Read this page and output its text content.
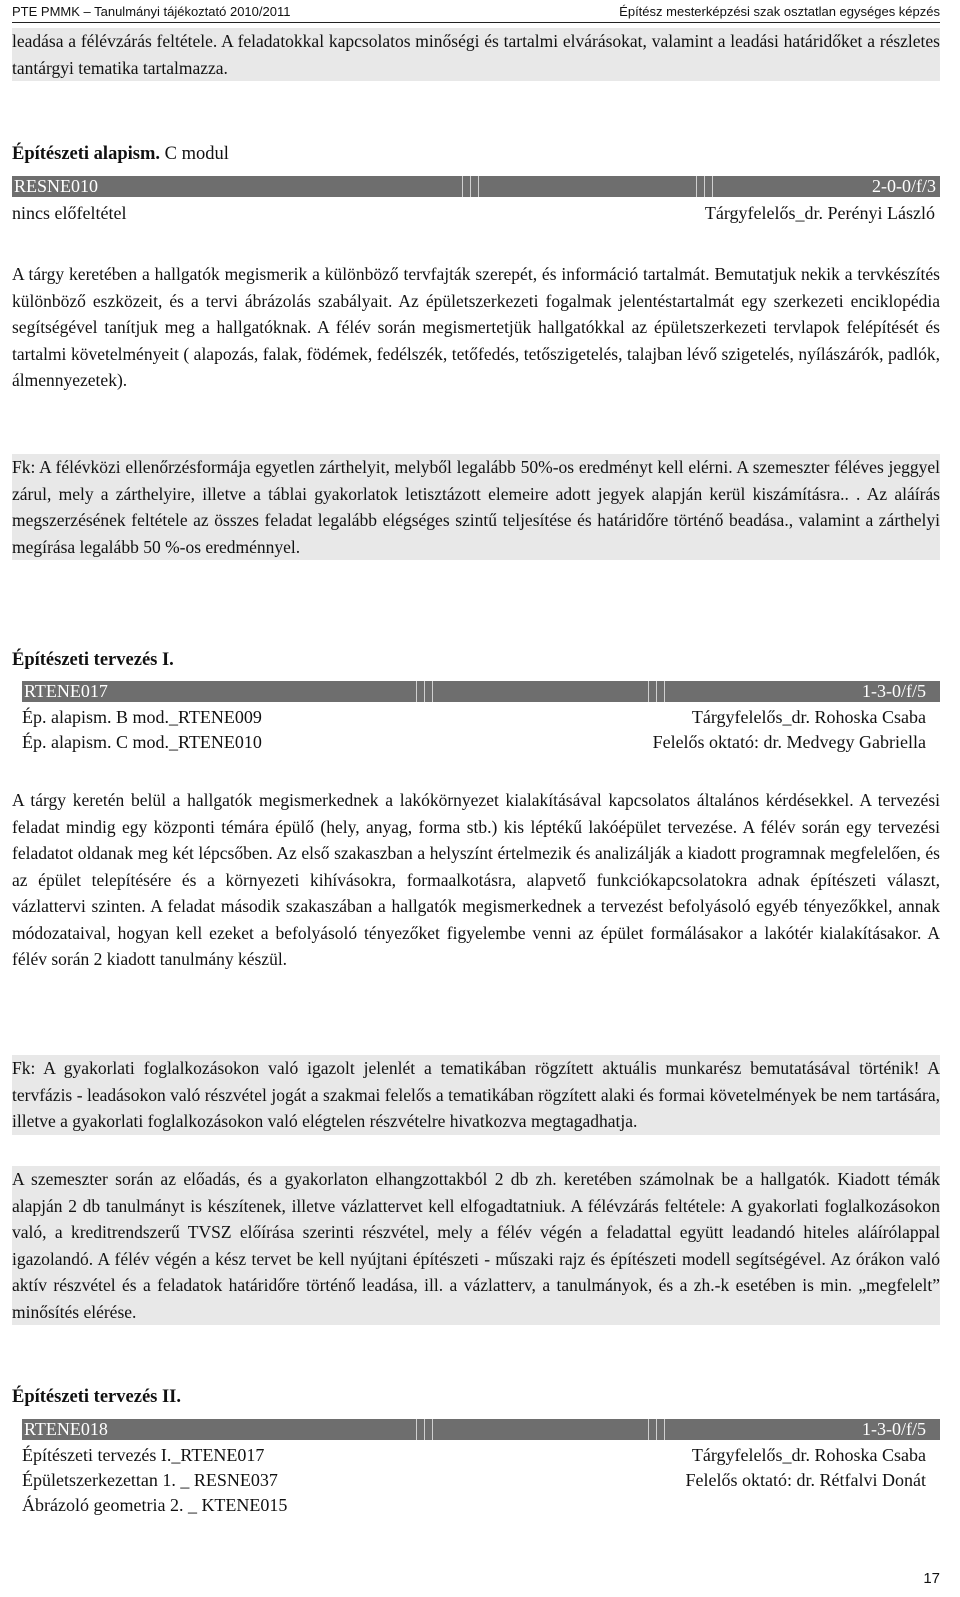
PTE PMMK – Tanulmányi tájékoztató 2010/2011	Építész mesterképzési szak osztatlan egységes képzés

leadása a félévzárás feltétele. A feladatokkal kapcsolatos minőségi és tartalmi elvárásokat, valamint a leadási határidőket a részletes tantárgyi tematika tartalmazza.

Építészeti alapism. C modul

RESNE010	2-0-0/f/3
nincs előfeltétel	Tárgyfelelős_dr. Perényi László

A tárgy keretében a hallgatók megismerik a különböző tervfajták szerepét, és információ tartalmát. Bemutatjuk nekik a tervkészítés különböző eszközeit, és a tervi ábrázolás szabályait. Az épületszerkezeti fogalmak jelentéstartalmát egy szerkezeti enciklopédia segítségével tanítjuk meg a hallgatóknak. A félév során megismertetjük hallgatókkal az épületszerkezeti tervlapok felépítését és tartalmi követelményeit ( alapozás, falak, födémek, fedélszék, tetőfedés, tetőszigetelés, talajban lévő szigetelés, nyílászárók, padlók, álmennyezetek).

Fk: A félévközi ellenőrzésformája egyetlen zárthelyit, melyből legalább 50%-os eredményt kell elérni. A szemeszter féléves jeggyel zárul, mely a zárthelyire, illetve a táblai gyakorlatok letisztázott elemeire adott jegyek alapján kerül kiszámításra.. . Az aláírás megszerzésének feltétele az összes feladat legalább elégséges szintű teljesítése és határidőre történő beadása., valamint a zárthelyi megírása legalább 50 %-os eredménnyel.

Építészeti tervezés I.

RTENE017	1-3-0/f/5
Ép. alapism. B mod._RTENE009	Tárgyfelelős_dr. Rohoska Csaba
Ép. alapism. C mod._RTENE010	Felelős oktató: dr. Medvegy Gabriella

A tárgy keretén belül a hallgatók megismerkednek a lakókörnyezet kialakításával kapcsolatos általános kérdésekkel. A tervezési feladat mindig egy központi témára épülő (hely, anyag, forma stb.) kis léptékű lakóépület tervezése. A félév során egy tervezési feladatot oldanak meg két lépcsőben. Az első szakaszban a helyszínt értelmezik és analizálják a kiadott programnak megfelelően, és az épület telepítésére és a környezeti kihívásokra, formaalkotásra, alapvető funkciókapcsolatokra adnak építészeti választ, vázlattervi szinten. A feladat második szakaszában a hallgatók megismerkednek a tervezést befolyásoló egyéb tényezőkkel, annak módozataival, hogyan kell ezeket a befolyásoló tényezőket figyelembe venni az épület formálásakor a lakótér kialakításakor. A félév során 2 kiadott tanulmány készül.

Fk: A gyakorlati foglalkozásokon való igazolt jelenlét a tematikában rögzített aktuális munkarész bemutatásával történik! A tervfázis - leadásokon való részvétel jogát a szakmai felelős a tematikában rögzített alaki és formai követelmények be nem tartására, illetve a gyakorlati foglalkozásokon való elégtelen részvételre hivatkozva megtagadhatja.

A szemeszter során az előadás, és a gyakorlaton elhangzottakból 2 db zh. keretében számolnak be a hallgatók. Kiadott témák alapján 2 db tanulmányt is készítenek, illetve vázlattervet kell elfogadtatniuk. A félévzárás feltétele: A gyakorlati foglalkozásokon való, a kreditrendszerű TVSZ előírása szerinti részvétel, mely a félév végén a feladattal együtt leadandó hiteles aláírólappal igazolandó. A félév végén a kész tervet be kell nyújtani építészeti - műszaki rajz és építészeti modell segítségével. Az órákon való aktív részvétel és a feladatok határidőre történő leadása, ill. a vázlatterv, a tanulmányok, és a zh.-k esetében is min. „megfelelt” minősítés elérése.

Építészeti tervezés II.

RTENE018	1-3-0/f/5
Építészeti tervezés I._RTENE017	Tárgyfelelős_dr. Rohoska Csaba
Épületszerkezettan 1. _ RESNE037	Felelős oktató: dr. Rétfalvi Donát
Ábrázoló geometria 2. _ KTENE015
17
